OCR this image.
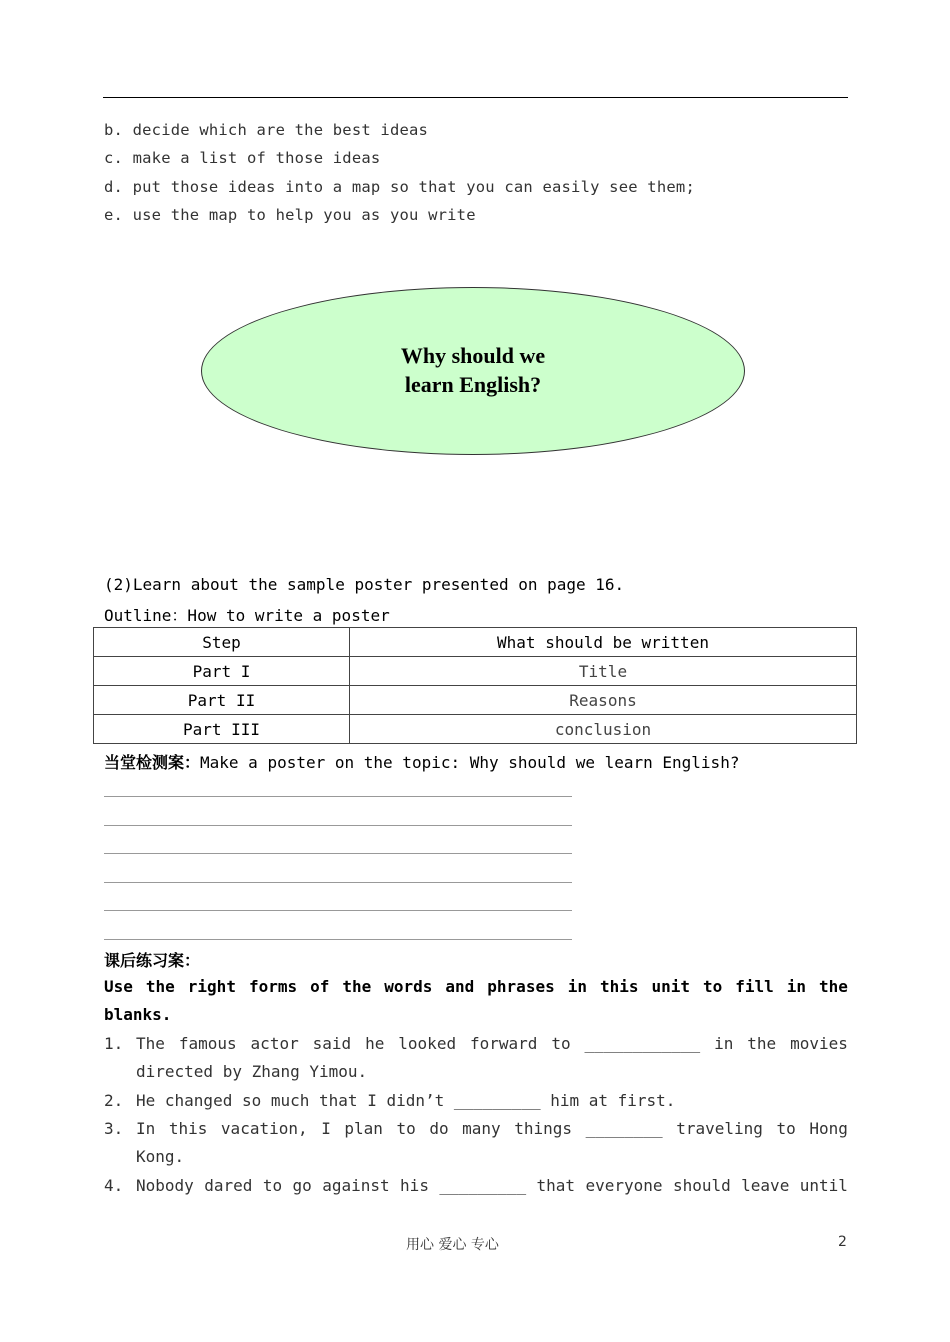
b. decide which are the best ideas
c. make a list of those ideas
d. put those ideas into a map so that you can easily see them;
e. use the map to help you as you write
Why should we
learn English?
(2)Learn about the sample poster presented on page 16.
Outline：How to write a poster
Step	What should be written
Part I	Title
Part II	Reasons
Part III	conclusion
当堂检测案：Make a poster on the topic: Why should we learn English?
课后练习案：
Use the right forms of the words and phrases in this unit to fill in the
blanks.
1. The famous actor said he looked forward to ____________ in the movies
directed by Zhang Yimou.
2. He changed so much that I didn’t _________ him at first.
3. In this vacation, I plan to do many things ________ traveling to Hong
Kong.
4. Nobody dared to go against his _________ that everyone should leave until
用心 爱心 专心	2
